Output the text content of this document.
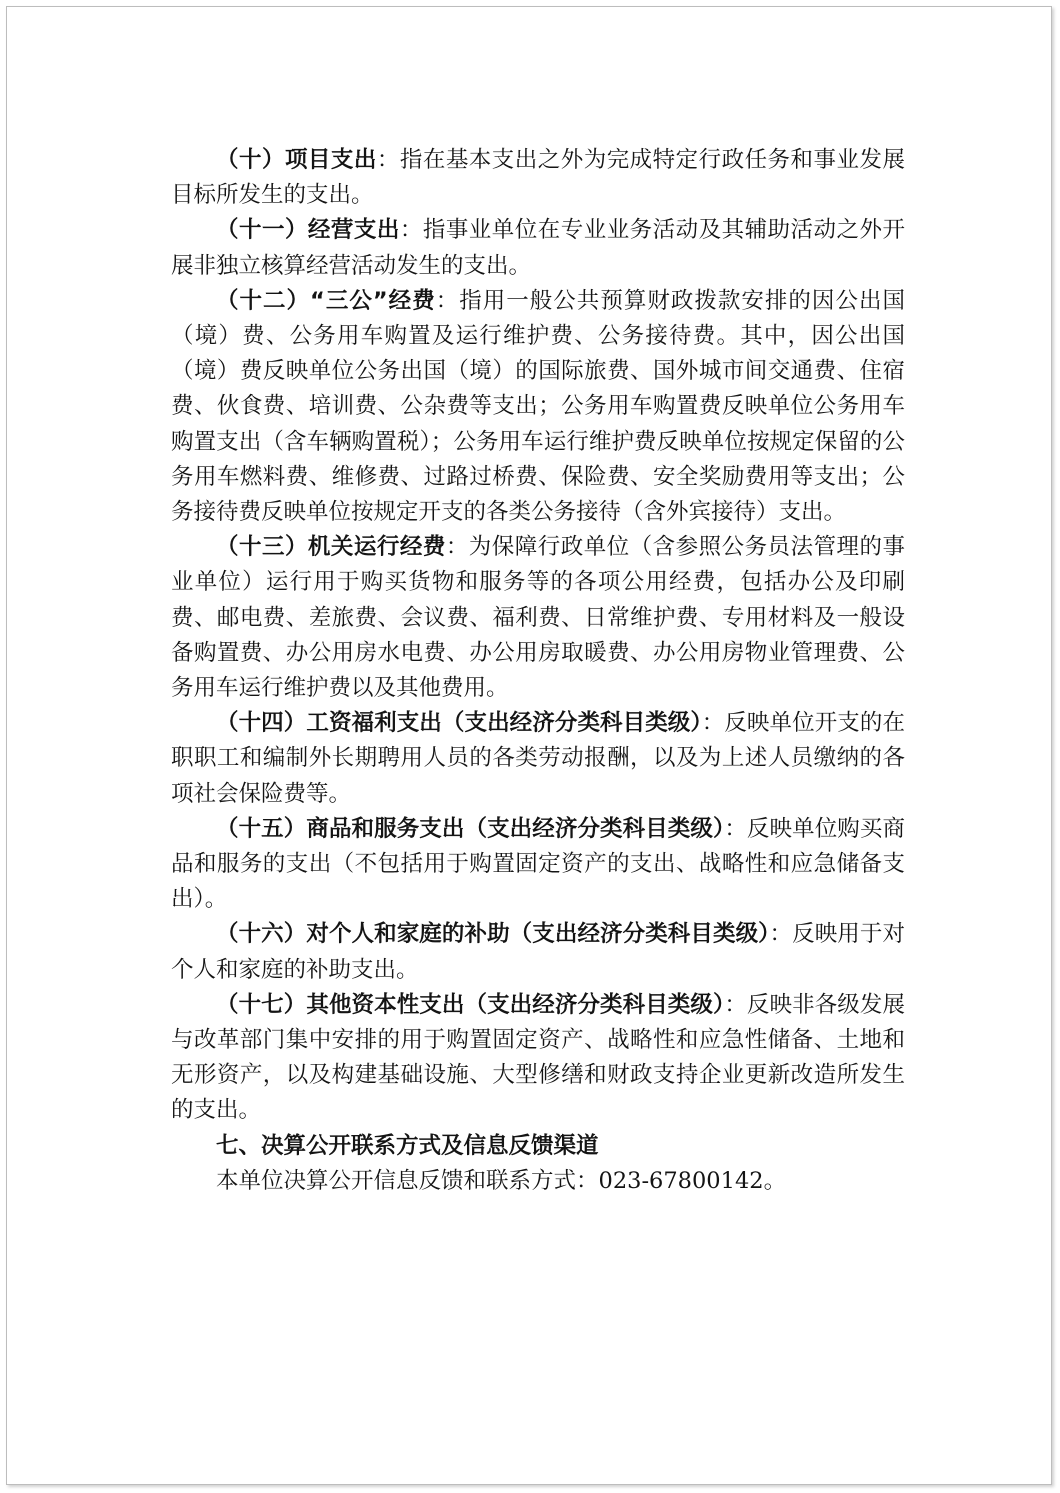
（十）项目支出：指在基本支出之外为完成特定行政任务和事业发展目标所发生的支出。

（十一）经营支出：指事业单位在专业业务活动及其辅助活动之外开展非独立核算经营活动发生的支出。

（十二）“三公”经费：指用一般公共预算财政拨款安排的因公出国（境）费、公务用车购置及运行维护费、公务接待费。其中，因公出国（境）费反映单位公务出国（境）的国际旅费、国外城市间交通费、住宿费、伙食费、培训费、公杂费等支出；公务用车购置费反映单位公务用车购置支出（含车辆购置税）；公务用车运行维护费反映单位按规定保留的公务用车燃料费、维修费、过路过桥费、保险费、安全奖励费用等支出；公务接待费反映单位按规定开支的各类公务接待（含外宾接待）支出。

（十三）机关运行经费：为保障行政单位（含参照公务员法管理的事业单位）运行用于购买货物和服务等的各项公用经费，包括办公及印刷费、邮电费、差旅费、会议费、福利费、日常维护费、专用材料及一般设备购置费、办公用房水电费、办公用房取暖费、办公用房物业管理费、公务用车运行维护费以及其他费用。

（十四）工资福利支出（支出经济分类科目类级）：反映单位开支的在职职工和编制外长期聘用人员的各类劳动报酬，以及为上述人员缴纳的各项社会保险费等。

（十五）商品和服务支出（支出经济分类科目类级）：反映单位购买商品和服务的支出（不包括用于购置固定资产的支出、战略性和应急储备支出）。

（十六）对个人和家庭的补助（支出经济分类科目类级）：反映用于对个人和家庭的补助支出。

（十七）其他资本性支出（支出经济分类科目类级）：反映非各级发展与改革部门集中安排的用于购置固定资产、战略性和应急性储备、土地和无形资产，以及构建基础设施、大型修缮和财政支持企业更新改造所发生的支出。

七、决算公开联系方式及信息反馈渠道

本单位决算公开信息反馈和联系方式：023-67800142。
